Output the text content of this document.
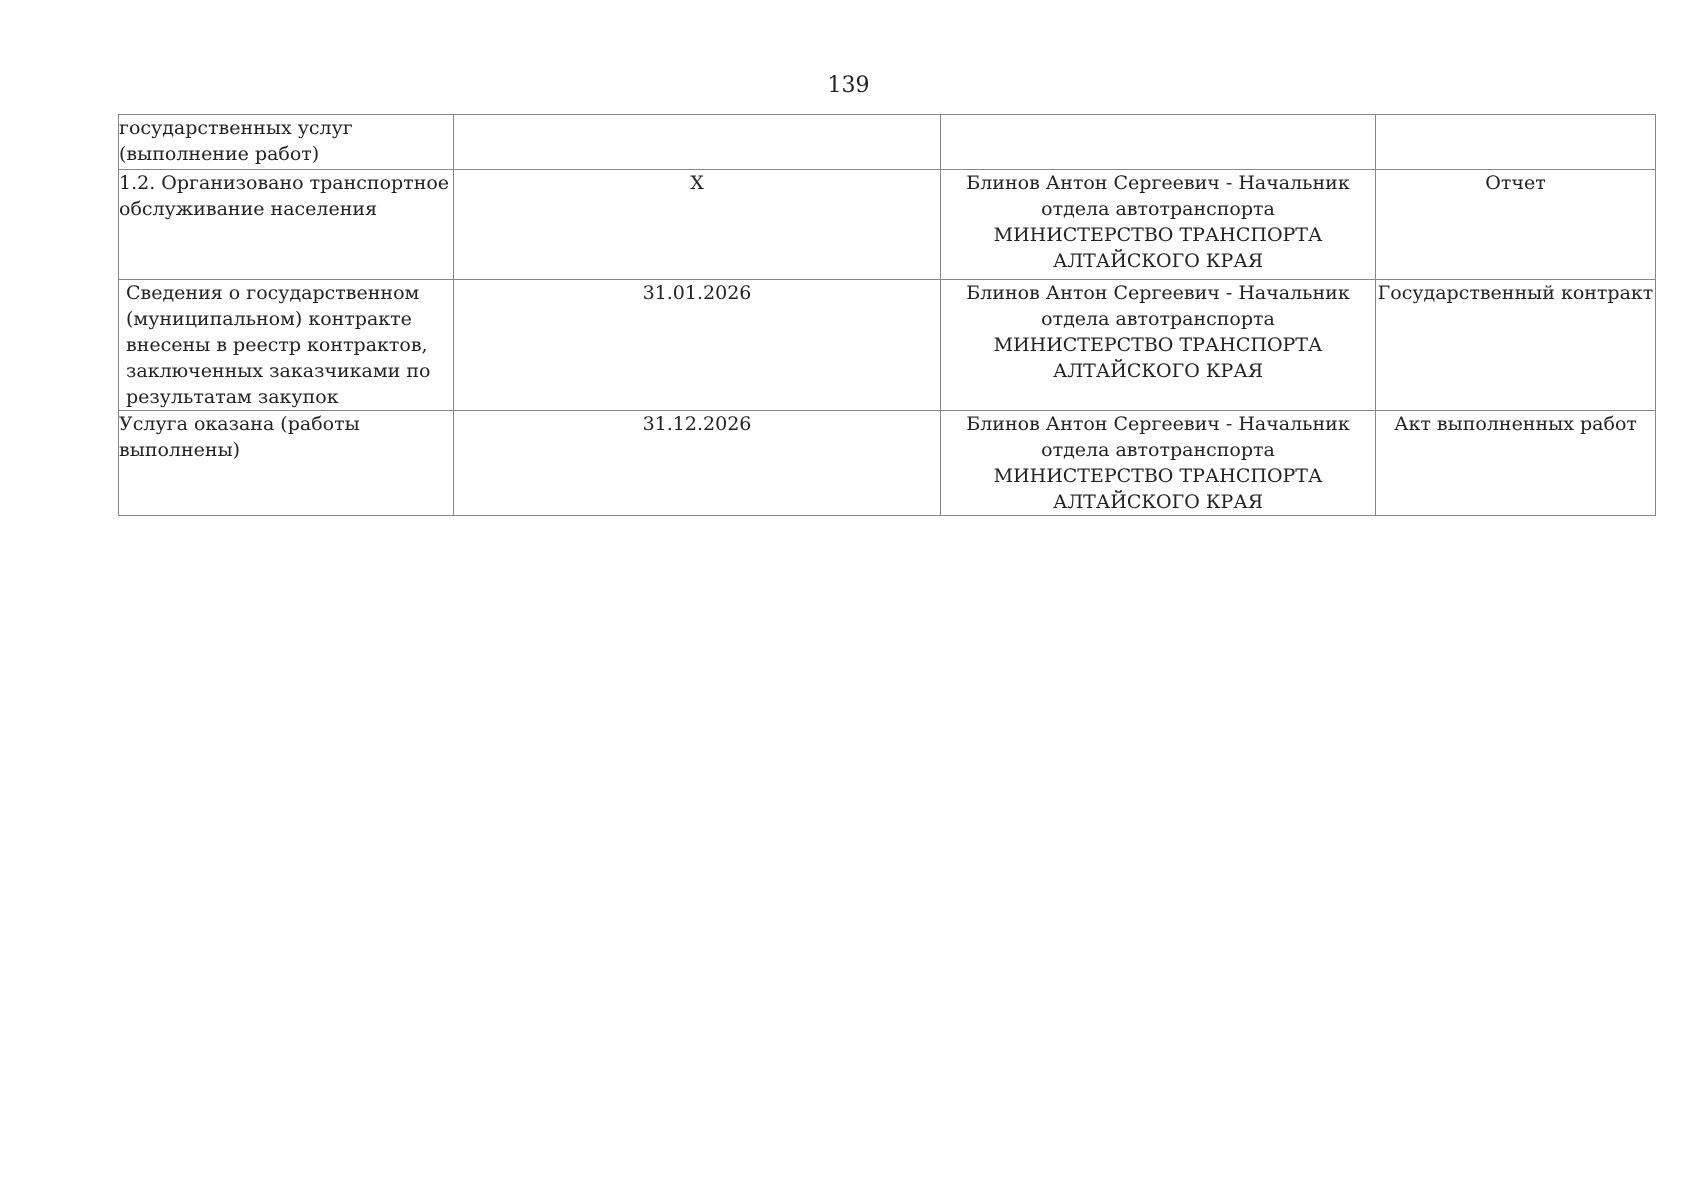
139
государственных услуг (выполнение работ)		

1.2. Организовано транспортное обслуживание населения	X	Блинов Антон Сергеевич - Начальник отдела автотранспорта
МИНИСТЕРСТВО ТРАНСПОРТА АЛТАЙСКОГО КРАЯ	Отчет
Сведения о государственном (муниципальном) контракте внесены в реестр контрактов, заключенных заказчиками по результатам закупок	31.01.2026	Блинов Антон Сергеевич - Начальник отдела автотранспорта
МИНИСТЕРСТВО ТРАНСПОРТА АЛТАЙСКОГО КРАЯ	Государственный контракт
Услуга оказана (работы выполнены)	31.12.2026	Блинов Антон Сергеевич - Начальник отдела автотранспорта
МИНИСТЕРСТВО ТРАНСПОРТА АЛТАЙСКОГО КРАЯ	Акт выполненных работ
